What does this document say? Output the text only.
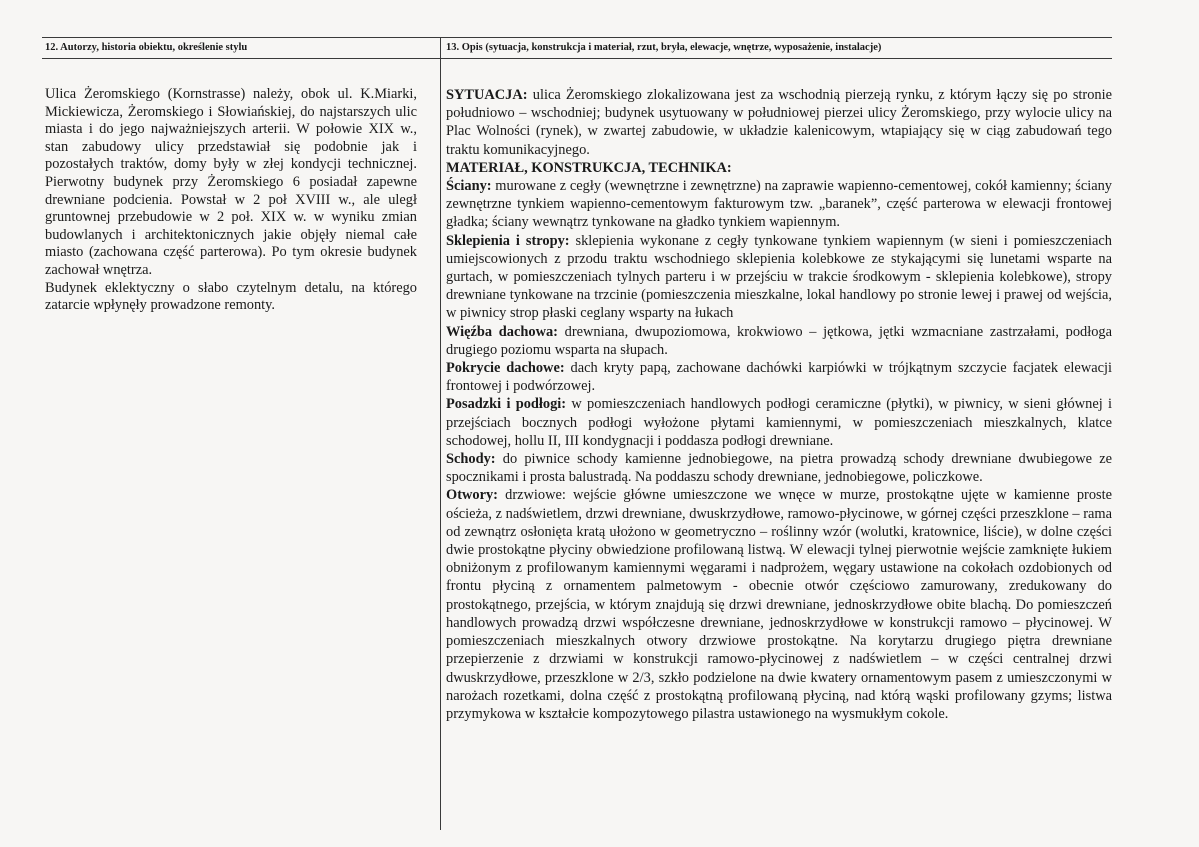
12. Autorzy, historia obiektu, określenie stylu	13. Opis (sytuacja, konstrukcja i materiał, rzut, bryła, elewacje, wnętrze, wyposażenie, instalacje)

Ulica Żeromskiego (Kornstrasse) należy, obok ul. K.Miarki, Mickiewicza, Żeromskiego i Słowiańskiej, do najstarszych ulic miasta i do jego najważniejszych arterii. W połowie XIX w., stan zabudowy ulicy przedstawiał się podobnie jak i pozostałych traktów, domy były w złej kondycji technicznej. Pierwotny budynek przy Żeromskiego 6 posiadał zapewne drewniane podcienia. Powstał w 2 poł XVIII w., ale uległ gruntownej przebudowie w 2 poł. XIX w. w wyniku zmian budowlanych i architektonicznych jakie objęły niemal całe miasto (zachowana część parterowa). Po tym okresie budynek zachował wnętrza.

Budynek eklektyczny o słabo czytelnym detalu, na którego zatarcie wpłynęły prowadzone remonty.

SYTUACJA: ulica Żeromskiego zlokalizowana jest za wschodnią pierzeją rynku, z którym łączy się po stronie południowo – wschodniej; budynek usytuowany w południowej pierzei ulicy Żeromskiego, przy wylocie ulicy na Plac Wolności (rynek), w zwartej zabudowie, w układzie kalenicowym, wtapiający się w ciąg zabudowań tego traktu komunikacyjnego.

MATERIAŁ, KONSTRUKCJA, TECHNIKA:

Ściany: murowane z cegły (wewnętrzne i zewnętrzne) na zaprawie wapienno-cementowej, cokół kamienny; ściany zewnętrzne tynkiem wapienno-cementowym fakturowym tzw. „baranek”, część parterowa w elewacji frontowej gładka; ściany wewnątrz tynkowane na gładko tynkiem wapiennym.

Sklepienia i stropy: sklepienia wykonane z cegły tynkowane tynkiem wapiennym (w sieni i pomieszczeniach umiejscowionych z przodu traktu wschodniego sklepienia kolebkowe ze stykającymi się lunetami wsparte na gurtach, w pomieszczeniach tylnych parteru i w przejściu w trakcie środkowym - sklepienia kolebkowe), stropy drewniane tynkowane na trzcinie (pomieszczenia mieszkalne, lokal handlowy po stronie lewej i prawej od wejścia, w piwnicy strop płaski ceglany wsparty na łukach

Więźba dachowa: drewniana, dwupoziomowa, krokwiowo – jętkowa, jętki wzmacniane zastrzałami, podłoga drugiego poziomu wsparta na słupach.

Pokrycie dachowe: dach kryty papą, zachowane dachówki karpiówki w trójkątnym szczycie facjatek elewacji frontowej i podwórzowej.

Posadzki i podłogi: w pomieszczeniach handlowych podłogi ceramiczne (płytki), w piwnicy, w sieni głównej i przejściach bocznych podłogi wyłożone płytami kamiennymi, w pomieszczeniach mieszkalnych, klatce schodowej, hollu II, III kondygnacji i poddasza podłogi drewniane.

Schody: do piwnice schody kamienne jednobiegowe, na pietra prowadzą schody drewniane dwubiegowe ze spocznikami i prosta balustradą. Na poddaszu schody drewniane, jednobiegowe, policzkowe.

Otwory: drzwiowe: wejście główne umieszczone we wnęce w murze, prostokątne ujęte w kamienne proste ościeża, z nadświetlem, drzwi drewniane, dwuskrzydłowe, ramowo-płycinowe, w górnej części przeszklone – rama od zewnątrz osłonięta kratą ułożono w geometryczno – roślinny wzór (wolutki, kratownice, liście), w dolne części dwie prostokątne płyciny obwiedzione profilowaną listwą. W elewacji tylnej pierwotnie wejście zamknięte łukiem obniżonym z profilowanym kamiennymi węgarami i nadprożem, węgary ustawione na cokołach ozdobionych od frontu płyciną z ornamentem palmetowym - obecnie otwór częściowo zamurowany, zredukowany do prostokątnego, przejścia, w którym znajdują się drzwi drewniane, jednoskrzydłowe obite blachą. Do pomieszczeń handlowych prowadzą drzwi współczesne drewniane, jednoskrzydłowe w konstrukcji ramowo – płycinowej. W pomieszczeniach mieszkalnych otwory drzwiowe prostokątne. Na korytarzu drugiego piętra drewniane przepierzenie z drzwiami w konstrukcji ramowo-płycinowej z nadświetlem – w części centralnej drzwi dwuskrzydłowe, przeszklone w 2/3, szkło podzielone na dwie kwatery ornamentowym pasem z umieszczonymi w narożach rozetkami, dolna część z prostokątną profilowaną płyciną, nad którą wąski profilowany gzyms; listwa przymykowa w kształcie kompozytowego pilastra ustawionego na wysmukłym cokole.
